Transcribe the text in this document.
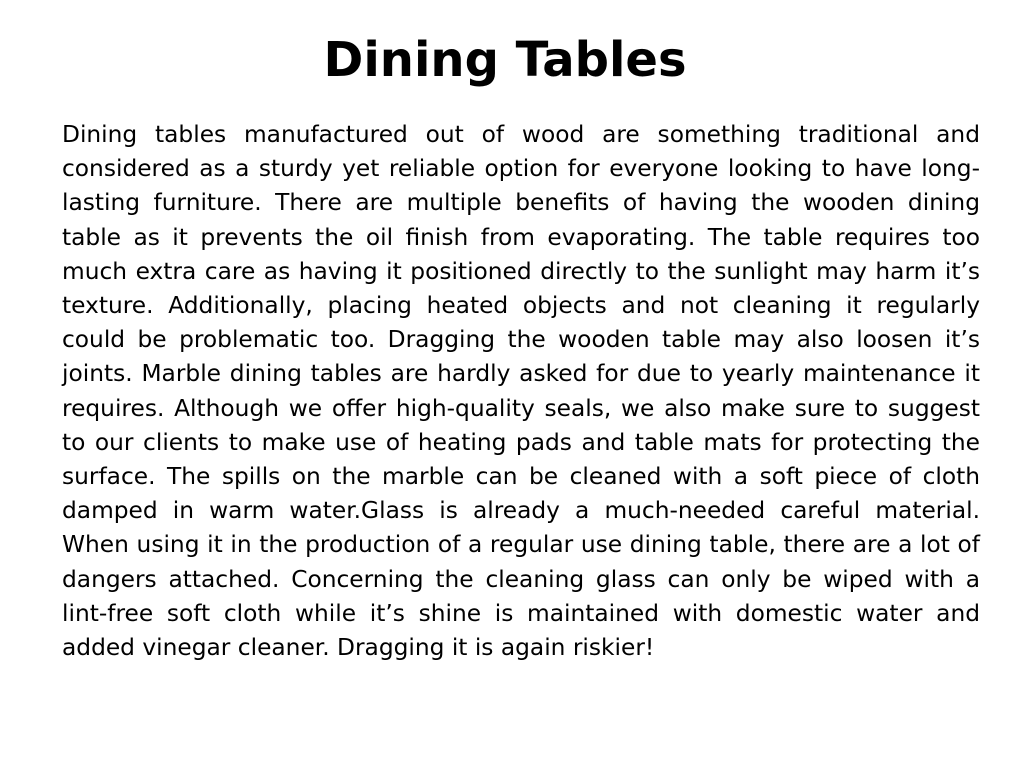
Dining Tables

Dining tables manufactured out of wood are something traditional and considered as a sturdy yet reliable option for everyone looking to have long-lasting furniture. There are multiple benefits of having the wooden dining table as it prevents the oil finish from evaporating. The table requires too much extra care as having it positioned directly to the sunlight may harm it’s texture. Additionally, placing heated objects and not cleaning it regularly could be problematic too. Dragging the wooden table may also loosen it’s joints. Marble dining tables are hardly asked for due to yearly maintenance it requires. Although we offer high-quality seals, we also make sure to suggest to our clients to make use of heating pads and table mats for protecting the surface. The spills on the marble can be cleaned with a soft piece of cloth damped in warm water.Glass is already a much-needed careful material. When using it in the production of a regular use dining table, there are a lot of dangers attached. Concerning the cleaning glass can only be wiped with a lint-free soft cloth while it’s shine is maintained with domestic water and added vinegar cleaner. Dragging it is again riskier!
